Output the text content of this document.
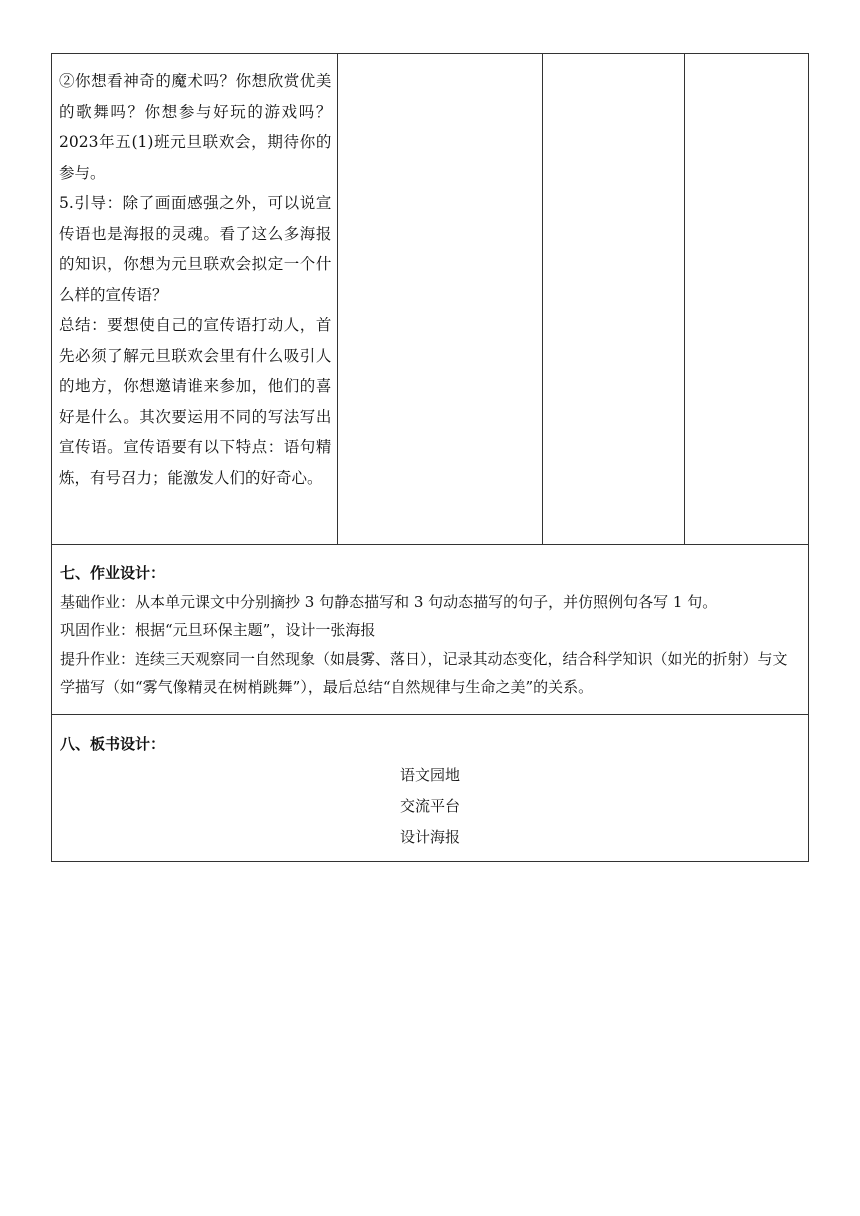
②你想看神奇的魔术吗？你想欣赏优美的歌舞吗？你想参与好玩的游戏吗？2023年五(1)班元旦联欢会，期待你的参与。

5.引导：除了画面感强之外，可以说宣传语也是海报的灵魂。看了这么多海报的知识，你想为元旦联欢会拟定一个什么样的宣传语？

总结：要想使自己的宣传语打动人，首先必须了解元旦联欢会里有什么吸引人的地方，你想邀请谁来参加，他们的喜好是什么。其次要运用不同的写法写出宣传语。宣传语要有以下特点：语句精炼，有号召力；能激发人们的好奇心。

七、作业设计：

基础作业：从本单元课文中分别摘抄 3 句静态描写和 3 句动态描写的句子，并仿照例句各写 1 句。

巩固作业：根据“元旦环保主题”，设计一张海报

提升作业：连续三天观察同一自然现象（如晨雾、落日），记录其动态变化，结合科学知识（如光的折射）与文学描写（如“雾气像精灵在树梢跳舞”），最后总结“自然规律与生命之美”的关系。

八、板书设计：

语文园地

交流平台

设计海报
